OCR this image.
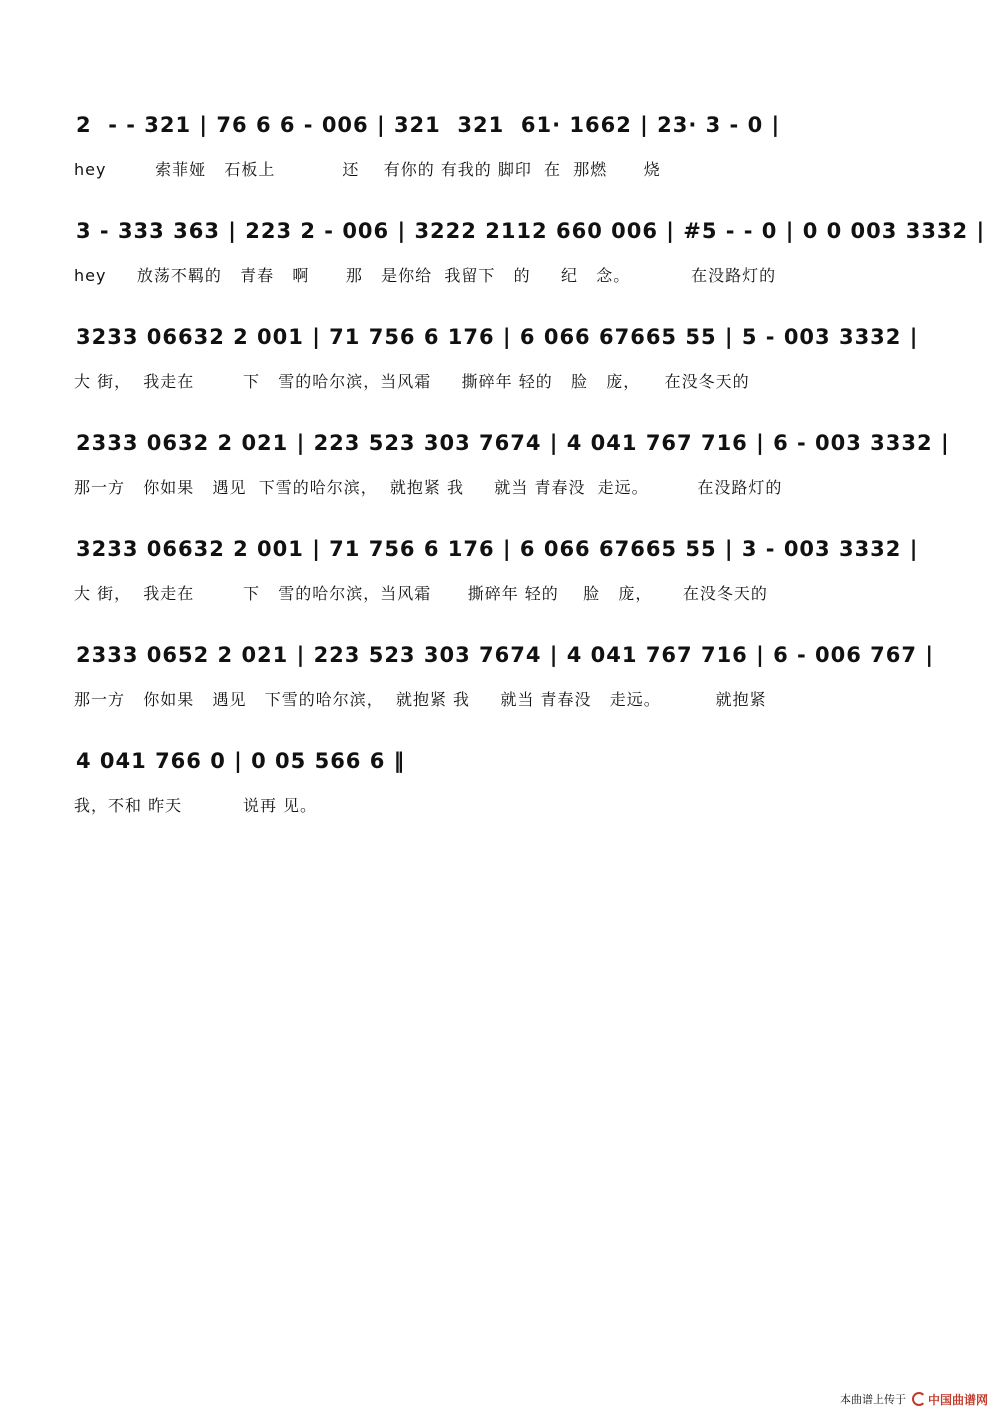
2  - - 321 | 76 6 6 - 006 | 321  321  61· 1662 | 23· 3 - 0 |
hey        索菲娅   石板上           还    有你的 有我的 脚印  在  那燃      烧
3 - 333 363 | 223 2 - 006 | 3222 2112 660 006 | #5 - - 0 | 0 0 003 3332 |
hey     放荡不羁的   青春   啊      那   是你给  我留下   的     纪   念。          在没路灯的
3233 06632 2 001 | 71 756 6 176 | 6 066 67665 55 | 5 - 003 3332 |
大 街，  我走在        下   雪的哈尔滨，当风霜     撕碎年 轻的   脸   庞，    在没冬天的
2333 0632 2 021 | 223 523 303 7674 | 4 041 767 716 | 6 - 003 3332 |
那一方   你如果   遇见  下雪的哈尔滨，  就抱紧 我     就当 青春没  走远。        在没路灯的
3233 06632 2 001 | 71 756 6 176 | 6 066 67665 55 | 3 - 003 3332 |
大 街，  我走在        下   雪的哈尔滨，当风霜      撕碎年 轻的    脸   庞，     在没冬天的
2333 0652 2 021 | 223 523 303 7674 | 4 041 767 716 | 6 - 006 767 |
那一方   你如果   遇见   下雪的哈尔滨，  就抱紧 我     就当 青春没   走远。         就抱紧
4 041 766 0 | 0 05 566 6 ‖
我，不和 昨天          说再 见。
本曲谱上传于 中国曲谱网
